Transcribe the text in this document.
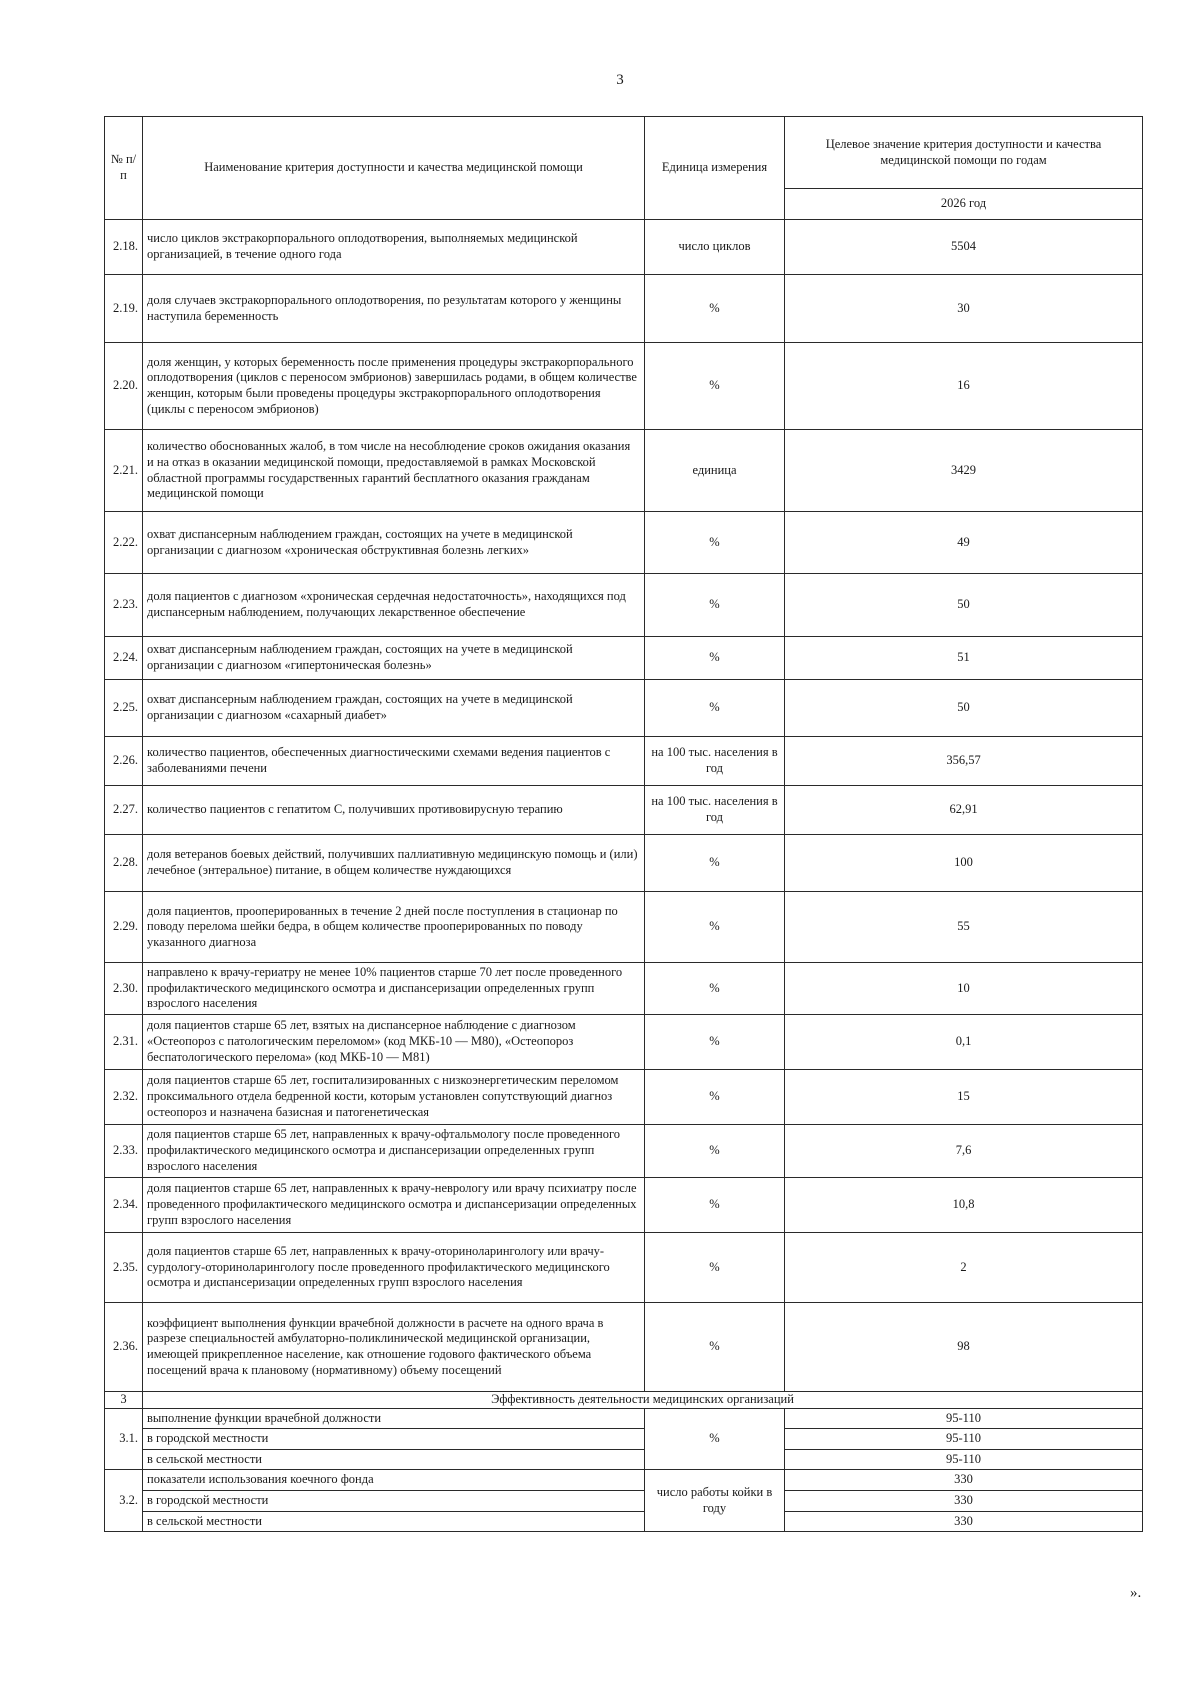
3
№ п/п	Наименование критерия доступности и качества медицинской помощи	Единица измерения	Целевое значение критерия доступности и качества медицинской помощи по годам
			2026 год
2.18.	число циклов экстракорпорального оплодотворения, выполняемых медицинской организацией, в течение одного года	число циклов	5504
2.19.	доля случаев экстракорпорального оплодотворения, по результатам которого у женщины наступила беременность	%	30
2.20.	доля женщин, у которых беременность после применения процедуры экстракорпорального оплодотворения (циклов с переносом эмбрионов) завершилась родами, в общем количестве женщин, которым были проведены процедуры экстракорпорального оплодотворения (циклы с переносом эмбрионов)	%	16
2.21.	количество обоснованных жалоб, в том числе на несоблюдение сроков ожидания оказания и на отказ в оказании медицинской помощи, предоставляемой в рамках Московской областной программы государственных гарантий бесплатного оказания гражданам медицинской помощи	единица	3429
2.22.	охват диспансерным наблюдением граждан, состоящих на учете в медицинской организации с диагнозом «хроническая обструктивная болезнь легких»	%	49
2.23.	доля пациентов с диагнозом «хроническая сердечная недостаточность», находящихся под диспансерным наблюдением, получающих лекарственное обеспечение	%	50
2.24.	охват диспансерным наблюдением граждан, состоящих на учете в медицинской организации с диагнозом «гипертоническая болезнь»	%	51
2.25.	охват диспансерным наблюдением граждан, состоящих на учете в медицинской организации с диагнозом «сахарный диабет»	%	50
2.26.	количество пациентов, обеспеченных диагностическими схемами ведения пациентов с заболеваниями печени	на 100 тыс. населения в год	356,57
2.27.	количество пациентов с гепатитом С, получивших противовирусную терапию	на 100 тыс. населения в год	62,91
2.28.	доля ветеранов боевых действий, получивших паллиативную медицинскую помощь и (или) лечебное (энтеральное) питание, в общем количестве нуждающихся	%	100
2.29.	доля пациентов, прооперированных в течение 2 дней после поступления в стационар по поводу перелома шейки бедра, в общем количестве прооперированных по поводу указанного диагноза	%	55
2.30.	направлено к врачу-гериатру не менее 10% пациентов старше 70 лет после проведенного профилактического медицинского осмотра и диспансеризации определенных групп взрослого населения	%	10
2.31.	доля пациентов старше 65 лет, взятых на диспансерное наблюдение с диагнозом «Остеопороз с патологическим переломом» (код МКБ-10 — М80), «Остеопороз беспатологического перелома» (код МКБ-10 — М81)	%	0,1
2.32.	доля пациентов старше 65 лет, госпитализированных с низкоэнергетическим переломом проксимального отдела бедренной кости, которым установлен сопутствующий диагноз остеопороз и назначена базисная и патогенетическая	%	15
2.33.	доля пациентов старше 65 лет, направленных к врачу-офтальмологу после проведенного профилактического медицинского осмотра и диспансеризации определенных групп взрослого населения	%	7,6
2.34.	доля пациентов старше 65 лет, направленных к врачу-неврологу или врачу психиатру после проведенного профилактического медицинского осмотра и диспансеризации определенных групп взрослого населения	%	10,8
2.35.	доля пациентов старше 65 лет, направленных к врачу-оториноларингологу или врачу-сурдологу-оториноларингологу после проведенного профилактического медицинского осмотра и диспансеризации определенных групп взрослого населения	%	2
2.36.	коэффициент выполнения функции врачебной должности в расчете на одного врача в разрезе специальностей амбулаторно-поликлинической медицинской организации, имеющей прикрепленное население, как отношение годового фактического объема посещений врача к плановому (нормативному) объему посещений	%	98
3	Эффективность деятельности медицинских организаций		
3.1.	выполнение функции врачебной должности	%	95-110
	в городской местности		95-110
	в сельской местности		95-110
3.2.	показатели использования коечного фонда	число работы койки в году	330
	в городской местности		330
	в сельской местности		330
».
